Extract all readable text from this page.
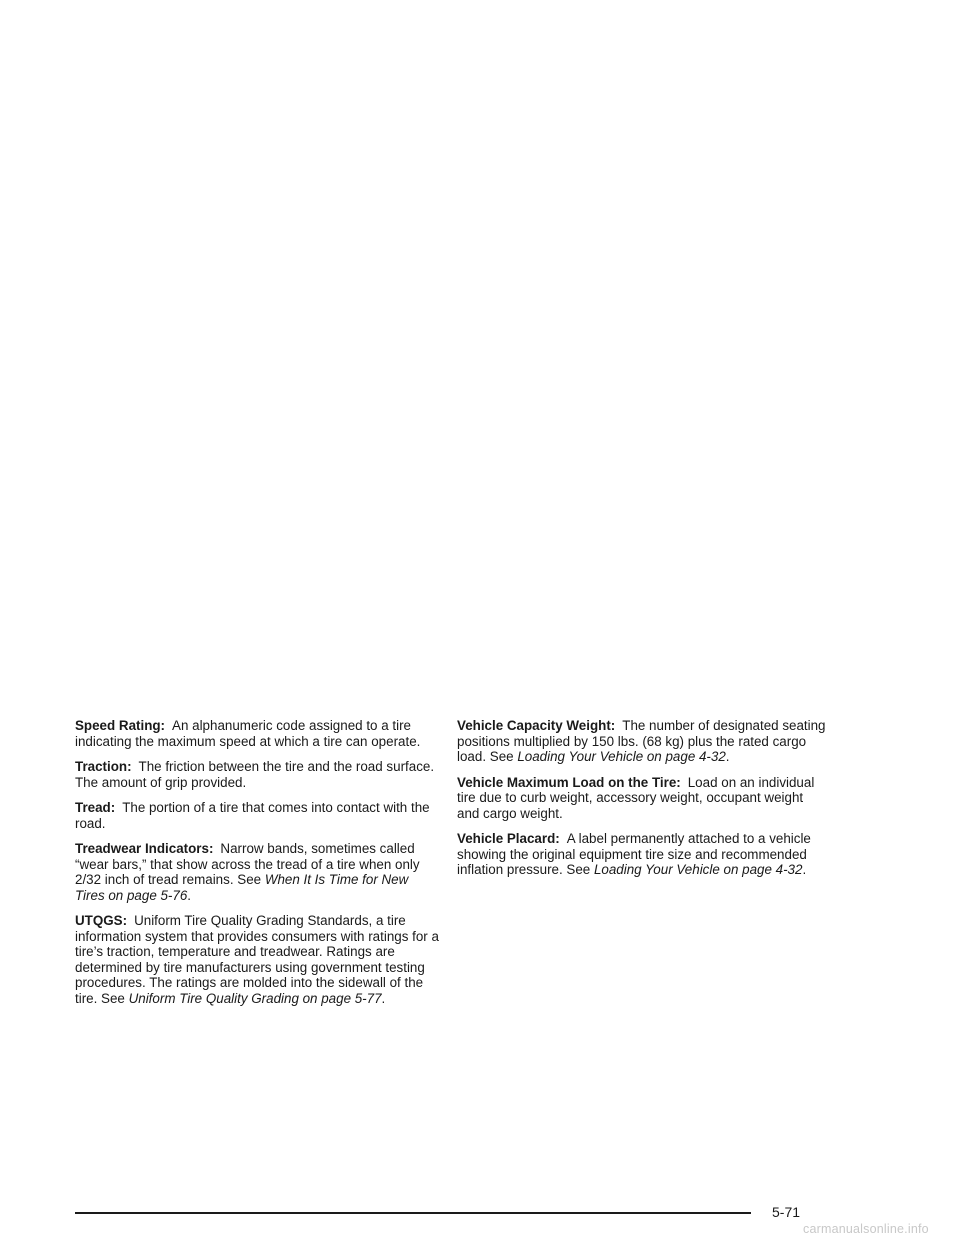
Speed Rating: An alphanumeric code assigned to a tire indicating the maximum speed at which a tire can operate.

Traction: The friction between the tire and the road surface. The amount of grip provided.

Tread: The portion of a tire that comes into contact with the road.

Treadwear Indicators: Narrow bands, sometimes called “wear bars,” that show across the tread of a tire when only 2/32 inch of tread remains. See When It Is Time for New Tires on page 5-76.

UTQGS: Uniform Tire Quality Grading Standards, a tire information system that provides consumers with ratings for a tire’s traction, temperature and treadwear. Ratings are determined by tire manufacturers using government testing procedures. The ratings are molded into the sidewall of the tire. See Uniform Tire Quality Grading on page 5-77.

Vehicle Capacity Weight: The number of designated seating positions multiplied by 150 lbs. (68 kg) plus the rated cargo load. See Loading Your Vehicle on page 4-32.

Vehicle Maximum Load on the Tire: Load on an individual tire due to curb weight, accessory weight, occupant weight and cargo weight.

Vehicle Placard: A label permanently attached to a vehicle showing the original equipment tire size and recommended inflation pressure. See Loading Your Vehicle on page 4-32.

5-71
carmanualsonline.info
